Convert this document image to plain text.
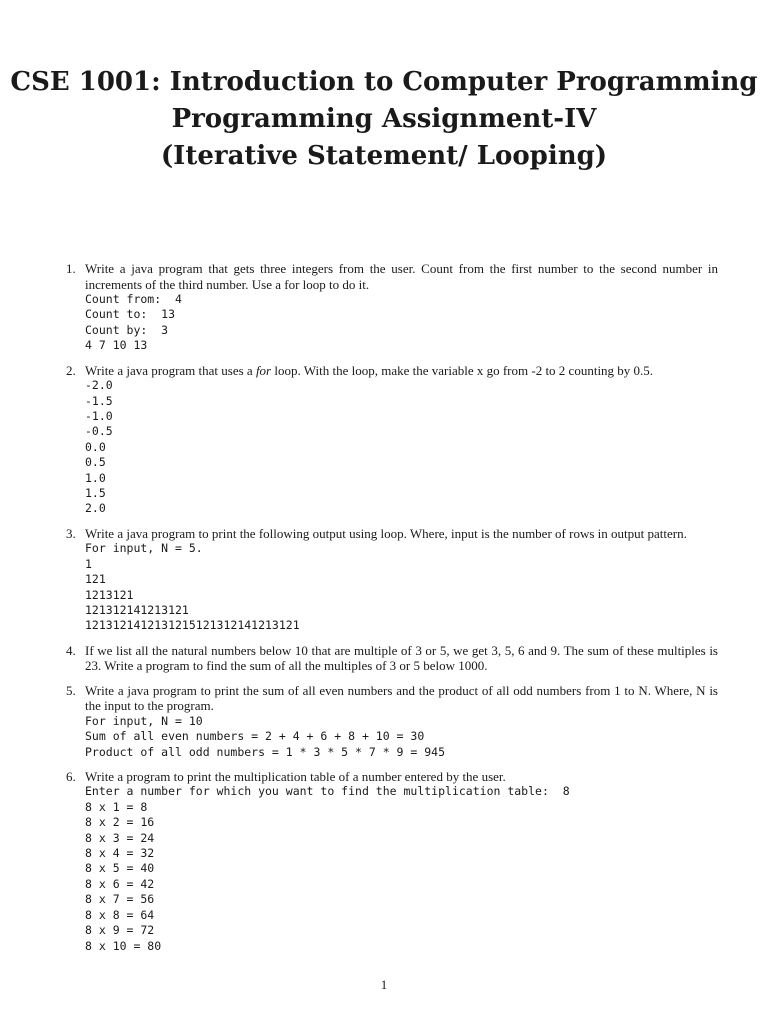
CSE 1001: Introduction to Computer Programming
Programming Assignment-IV
(Iterative Statement/ Looping)
1. Write a java program that gets three integers from the user. Count from the first number to the second number in increments of the third number. Use a for loop to do it.
Count from:  4
Count to:  13
Count by:  3
4 7 10 13
2. Write a java program that uses a for loop. With the loop, make the variable x go from -2 to 2 counting by 0.5.
-2.0
-1.5
-1.0
-0.5
0.0
0.5
1.0
1.5
2.0
3. Write a java program to print the following output using loop. Where, input is the number of rows in output pattern.
For input, N = 5.
1
121
1213121
121312141213121
1213121412131215121312141213121
4. If we list all the natural numbers below 10 that are multiple of 3 or 5, we get 3, 5, 6 and 9. The sum of these multiples is 23. Write a program to find the sum of all the multiples of 3 or 5 below 1000.
5. Write a java program to print the sum of all even numbers and the product of all odd numbers from 1 to N. Where, N is the input to the program.
For input, N = 10
Sum of all even numbers = 2 + 4 + 6 + 8 + 10 = 30
Product of all odd numbers = 1 * 3 * 5 * 7 * 9 = 945
6. Write a program to print the multiplication table of a number entered by the user.
Enter a number for which you want to find the multiplication table:  8
8 x 1 = 8
8 x 2 = 16
8 x 3 = 24
8 x 4 = 32
8 x 5 = 40
8 x 6 = 42
8 x 7 = 56
8 x 8 = 64
8 x 9 = 72
8 x 10 = 80
1
